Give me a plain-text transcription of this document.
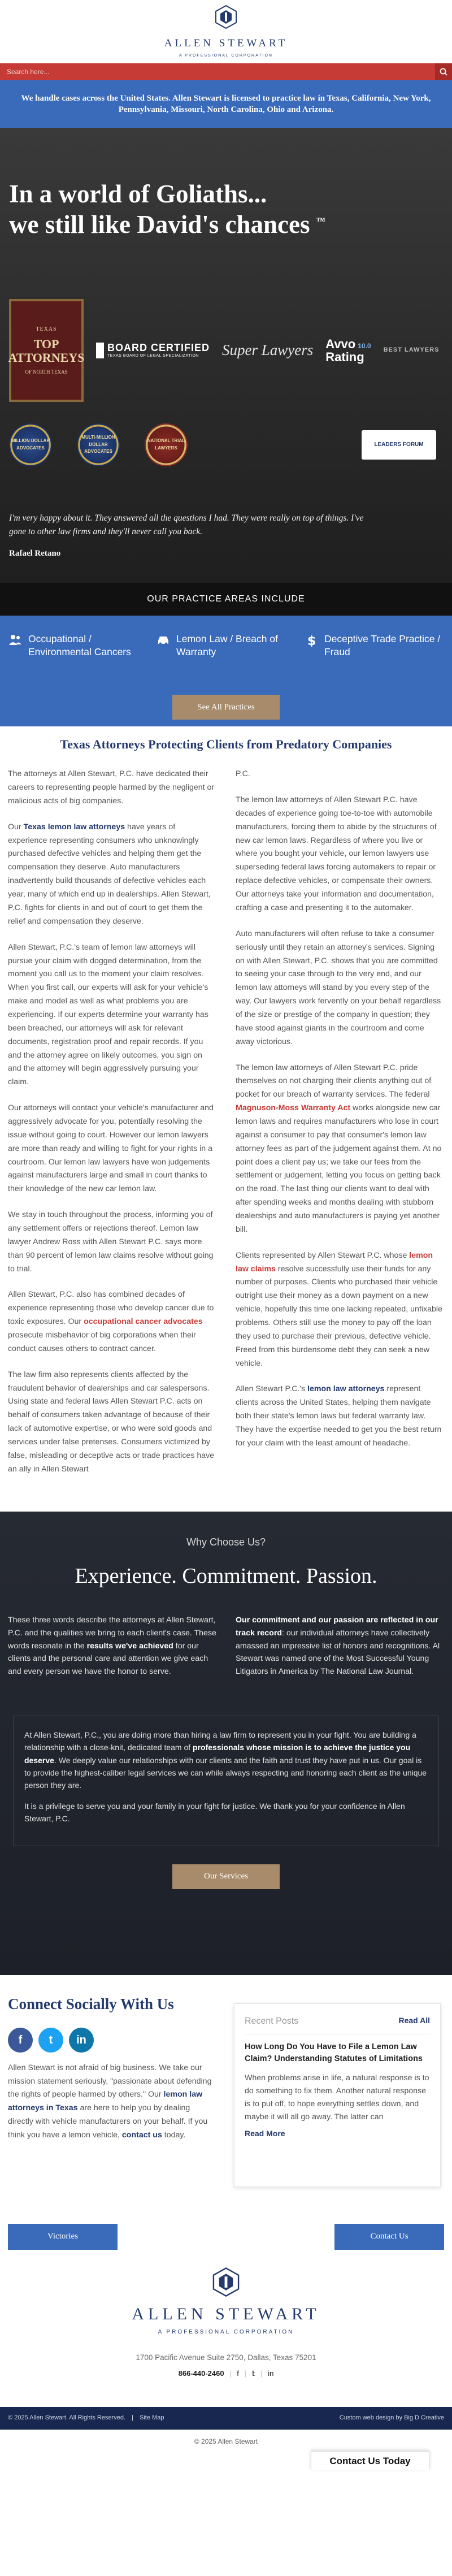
ALLEN STEWART
A PROFESSIONAL CORPORATION
Search here...
We handle cases across the United States. Allen Stewart is licensed to practice law in Texas, California, New York, Pennsylvania, Missouri, North Carolina, Ohio and Arizona.
In a world of Goliaths...
we still like David's chances ™
TEXAS
TOP ATTORNEYS
OF NORTH TEXAS
BOARD CERTIFIED
TEXAS BOARD OF LEGAL SPECIALIZATION	Super Lawyers Avvo 10.0
Rating	BEST LAWYERS
MILLION DOLLAR ADVOCATES
MULTI-MILLION DOLLAR ADVOCATES
NATIONAL TRIAL LAWYERS
LEADERS FORUM

I'm very happy about it. They answered all the questions I had. They were really on top of things. I've gone to other law firms and they'll never call you back.

Rafael Retano

OUR PRACTICE AREAS INCLUDE
Occupational / Environmental Cancers
Lemon Law / Breach of Warranty
$ Deceptive Trade Practice / Fraud
See All Practices
Texas Attorneys Protecting Clients from Predatory Companies

The attorneys at Allen Stewart, P.C. have dedicated their careers to representing people harmed by the negligent or malicious acts of big companies.

Our Texas lemon law attorneys have years of experience representing consumers who unknowingly purchased defective vehicles and helping them get the compensation they deserve. Auto manufacturers inadvertently build thousands of defective vehicles each year, many of which end up in dealerships. Allen Stewart, P.C. fights for clients in and out of court to get them the relief and compensation they deserve.

Allen Stewart, P.C.'s team of lemon law attorneys will pursue your claim with dogged determination, from the moment you call us to the moment your claim resolves. When you first call, our experts will ask for your vehicle's make and model as well as what problems you are experiencing. If our experts determine your warranty has been breached, our attorneys will ask for relevant documents, registration proof and repair records. If you and the attorney agree on likely outcomes, you sign on and the attorney will begin aggressively pursuing your claim.

Our attorneys will contact your vehicle's manufacturer and aggressively advocate for you, potentially resolving the issue without going to court. However our lemon lawyers are more than ready and willing to fight for your rights in a courtroom. Our lemon law lawyers have won judgements against manufacturers large and small in court thanks to their knowledge of the new car lemon law.

We stay in touch throughout the process, informing you of any settlement offers or rejections thereof. Lemon law lawyer Andrew Ross with Allen Stewart P.C. says more than 90 percent of lemon law claims resolve without going to trial.

Allen Stewart, P.C. also has combined decades of experience representing those who develop cancer due to toxic exposures. Our occupational cancer advocates prosecute misbehavior of big corporations when their conduct causes others to contract cancer.

The law firm also represents clients affected by the fraudulent behavior of dealerships and car salespersons. Using state and federal laws Allen Stewart P.C. acts on behalf of consumers taken advantage of because of their lack of automotive expertise, or who were sold goods and services under false pretenses. Consumers victimized by false, misleading or deceptive acts or trade practices have an ally in Allen Stewart

P.C.

The lemon law attorneys of Allen Stewart P.C. have decades of experience going toe-to-toe with automobile manufacturers, forcing them to abide by the structures of new car lemon laws. Regardless of where you live or where you bought your vehicle, our lemon lawyers use superseding federal laws forcing automakers to repair or replace defective vehicles, or compensate their owners. Our attorneys take your information and documentation, crafting a case and presenting it to the automaker.

Auto manufacturers will often refuse to take a consumer seriously until they retain an attorney's services. Signing on with Allen Stewart, P.C. shows that you are committed to seeing your case through to the very end, and our lemon law attorneys will stand by you every step of the way. Our lawyers work fervently on your behalf regardless of the size or prestige of the company in question; they have stood against giants in the courtroom and come away victorious.

The lemon law attorneys of Allen Stewart P.C. pride themselves on not charging their clients anything out of pocket for our breach of warranty services. The federal Magnuson-Moss Warranty Act works alongside new car lemon laws and requires manufacturers who lose in court against a consumer to pay that consumer's lemon law attorney fees as part of the judgement against them. At no point does a client pay us; we take our fees from the settlement or judgement, letting you focus on getting back on the road. The last thing our clients want to deal with after spending weeks and months dealing with stubborn dealerships and auto manufacturers is paying yet another bill.

Clients represented by Allen Stewart P.C. whose lemon law claims resolve successfully use their funds for any number of purposes. Clients who purchased their vehicle outright use their money as a down payment on a new vehicle, hopefully this time one lacking repeated, unfixable problems. Others still use the money to pay off the loan they used to purchase their previous, defective vehicle. Freed from this burdensome debt they can seek a new vehicle.

Allen Stewart P.C.'s lemon law attorneys represent clients across the United States, helping them navigate both their state's lemon laws but federal warranty law. They have the expertise needed to get you the best return for your claim with the least amount of headache.

Why Choose Us?
Experience. Commitment. Passion.
These three words describe the attorneys at Allen Stewart, P.C. and the qualities we bring to each client's case. These words resonate in the results we've achieved for our clients and the personal care and attention we give each and every person we have the honor to serve.
Our commitment and our passion are reflected in our track record: our individual attorneys have collectively amassed an impressive list of honors and recognitions. Al Stewart was named one of the Most Successful Young Litigators in America by The National Law Journal.

At Allen Stewart, P.C., you are doing more than hiring a law firm to represent you in your fight. You are building a relationship with a close-knit, dedicated team of professionals whose mission is to achieve the justice you deserve. We deeply value our relationships with our clients and the faith and trust they have put in us. Our goal is to provide the highest-caliber legal services we can while always respecting and honoring each client as the unique person they are.

It is a privilege to serve you and your family in your fight for justice. We thank you for your confidence in Allen Stewart, P.C.

Our Services
Connect Socially With Us
f t in

Allen Stewart is not afraid of big business. We take our mission statement seriously, "passionate about defending the rights of people harmed by others." Our lemon law attorneys in Texas are here to help you by dealing directly with vehicle manufacturers on your behalf. If you think you have a lemon vehicle, contact us today.

Recent Posts	Read All
How Long Do You Have to File a Lemon Law Claim? Understanding Statutes of Limitations

When problems arise in life, a natural response is to do something to fix them. Another natural response is to put off, to hope everything settles down, and maybe it will all go away. The latter can

Read More
Victories	Contact Us
ALLEN STEWART
A PROFESSIONAL CORPORATION
1700 Pacific Avenue Suite 2750, Dallas, Texas 75201
866-440-2460 | f | 𝕥 | in
© 2025 Allen Stewart. All Rights Reserved. | Site Map	Custom web design by Big D Creative
© 2025 Allen Stewart
Contact Us Today
